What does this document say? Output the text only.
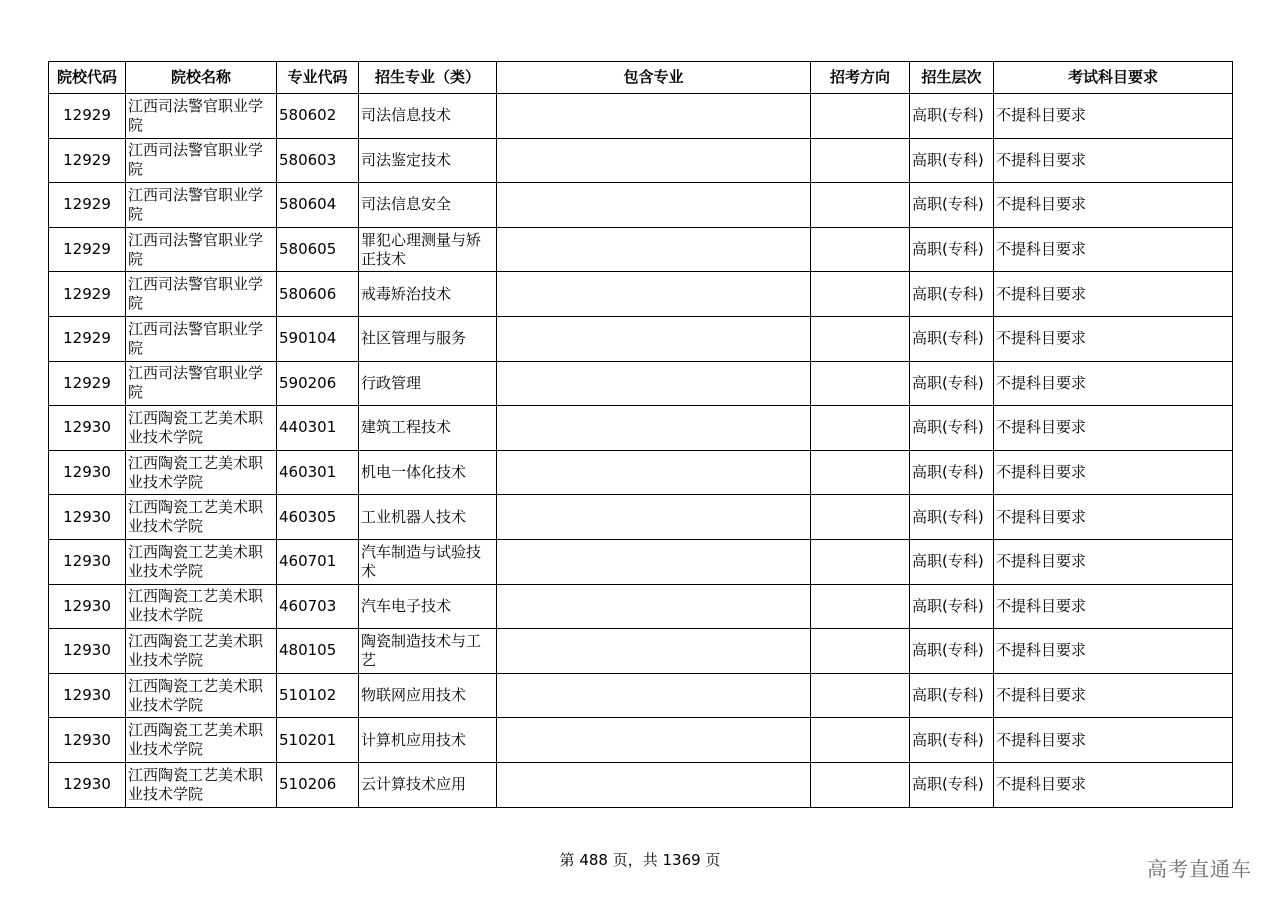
院校代码	院校名称	专业代码	招生专业（类）	包含专业	招考方向	招生层次	考试科目要求
12929	江西司法警官职业学院	580602	司法信息技术			高职(专科)	不提科目要求
12929	江西司法警官职业学院	580603	司法鉴定技术			高职(专科)	不提科目要求
12929	江西司法警官职业学院	580604	司法信息安全			高职(专科)	不提科目要求
12929	江西司法警官职业学院	580605	罪犯心理测量与矫正技术			高职(专科)	不提科目要求
12929	江西司法警官职业学院	580606	戒毒矫治技术			高职(专科)	不提科目要求
12929	江西司法警官职业学院	590104	社区管理与服务			高职(专科)	不提科目要求
12929	江西司法警官职业学院	590206	行政管理			高职(专科)	不提科目要求
12930	江西陶瓷工艺美术职业技术学院	440301	建筑工程技术			高职(专科)	不提科目要求
12930	江西陶瓷工艺美术职业技术学院	460301	机电一体化技术			高职(专科)	不提科目要求
12930	江西陶瓷工艺美术职业技术学院	460305	工业机器人技术			高职(专科)	不提科目要求
12930	江西陶瓷工艺美术职业技术学院	460701	汽车制造与试验技术			高职(专科)	不提科目要求
12930	江西陶瓷工艺美术职业技术学院	460703	汽车电子技术			高职(专科)	不提科目要求
12930	江西陶瓷工艺美术职业技术学院	480105	陶瓷制造技术与工艺			高职(专科)	不提科目要求
12930	江西陶瓷工艺美术职业技术学院	510102	物联网应用技术			高职(专科)	不提科目要求
12930	江西陶瓷工艺美术职业技术学院	510201	计算机应用技术			高职(专科)	不提科目要求
12930	江西陶瓷工艺美术职业技术学院	510206	云计算技术应用			高职(专科)	不提科目要求
第 488 页，共 1369 页	高考直通车
